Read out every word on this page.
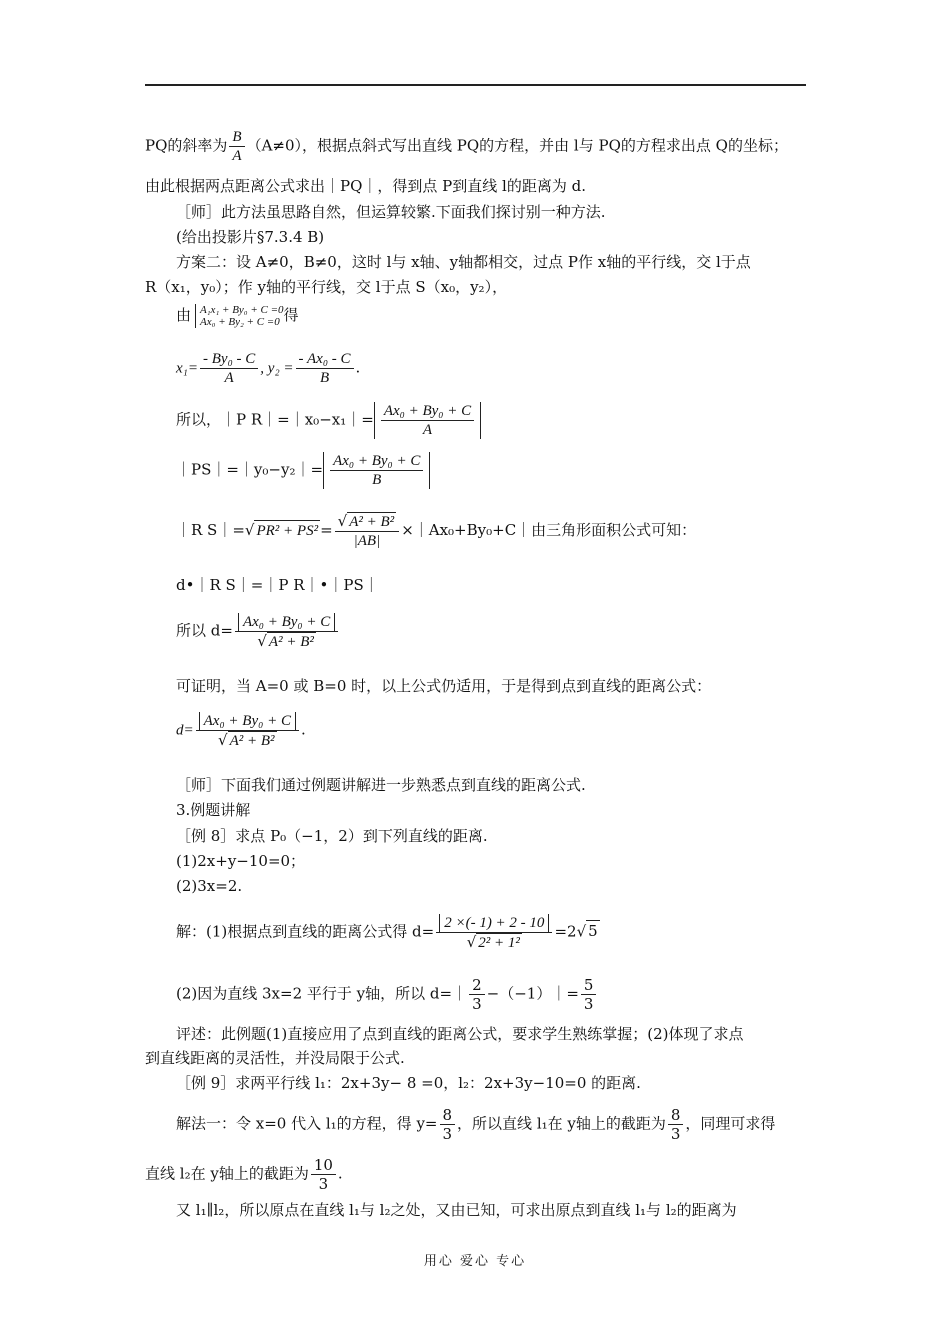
PQ的斜率为 $\frac{B}{A} (A\ne 0)$，根据点斜式写出直线 PQ的方程，并由 l与 PQ的方程求出点 Q的坐标；
由此根据两点距离公式求出｜PQ｜，得到点 P到直线 l的距离为 d.
［师］此方法虽思路自然，但运算较繁.下面我们探讨别一种方法.
(给出投影片§7.3.4 B)
方案二：设 A≠0，B≠0，这时 l与 x轴、y轴都相交，过点 P作 x轴的平行线，交 l于点
R（x₁，y₀）；作 y轴的平行线，交 l于点 S（x₀，y₂），
由 A₁x₁ + By₀ + C =0
Ax₀ + By₂ + C =0 得
$x_1= \frac{\text{- By₀ - C}}{A}$ , $y_2 = \frac{\text{- Ax₀ - C}}{B}$ .
所以，｜P R｜=｜x₀−x₁｜= $\frac{\text{Ax₀ + By₀ + C}}{A}$
｜PS｜=｜y₀−y₂｜= $\frac{\text{Ax₀ + By₀ + C}}{B}$
｜R S｜=√ $PR^2 + PS^2 = \frac{\text{√ A² + B²}}{|AB|}$ ×｜Ax₀+By₀+C｜由三角形面积公式可知：
d•｜R S｜=｜P R｜•｜PS｜
所以 $d= \frac{\text{Ax₀ + By₀ + C}}{\text{√ A² + B²}}$
可证明，当 A=0 或 B=0 时，以上公式仍适用，于是得到点到直线的距离公式：
$d= \frac{\text{Ax₀ + By₀ + C}}{\text{√ A² + B²}}$ .
［师］下面我们通过例题讲解进一步熟悉点到直线的距离公式.
3.例题讲解
［例 8］求点 P₀（−1，2）到下列直线的距离.
(1)2x+y−10=0；
(2)3x=2.
解：(1)根据点到直线的距离公式得 $d= \frac{2 \times(- 1) + 2 - 10}{\text{√ 2² + 1²}} =2√$ 5
(2)因为直线 3x=2 平行于 y轴，所以 d=｜ $\frac{2}{3}$ −（−1）｜= $\frac{5}{3}$
评述：此例题(1)直接应用了点到直线的距离公式，要求学生熟练掌握；(2)体现了求点
到直线距离的灵活性，并没局限于公式.
［例 9］求两平行线 l₁：2x+3y− 8 =0，l₂：2x+3y−10=0 的距离.
解法一：令 x=0 代入 l₁的方程，得 $y= \frac{8}{3}$ ，所以直线 l₁在 y轴上的截距为 $\frac{8}{3}$ ，同理可求得
直线 l₂在 y轴上的截距为 $\frac{10}{3}$ .
又 l₁∥l₂，所以原点在直线 l₁与 l₂之处，又由已知，可求出原点到直线 l₁与 l₂的距离为
用心 爱心 专心
